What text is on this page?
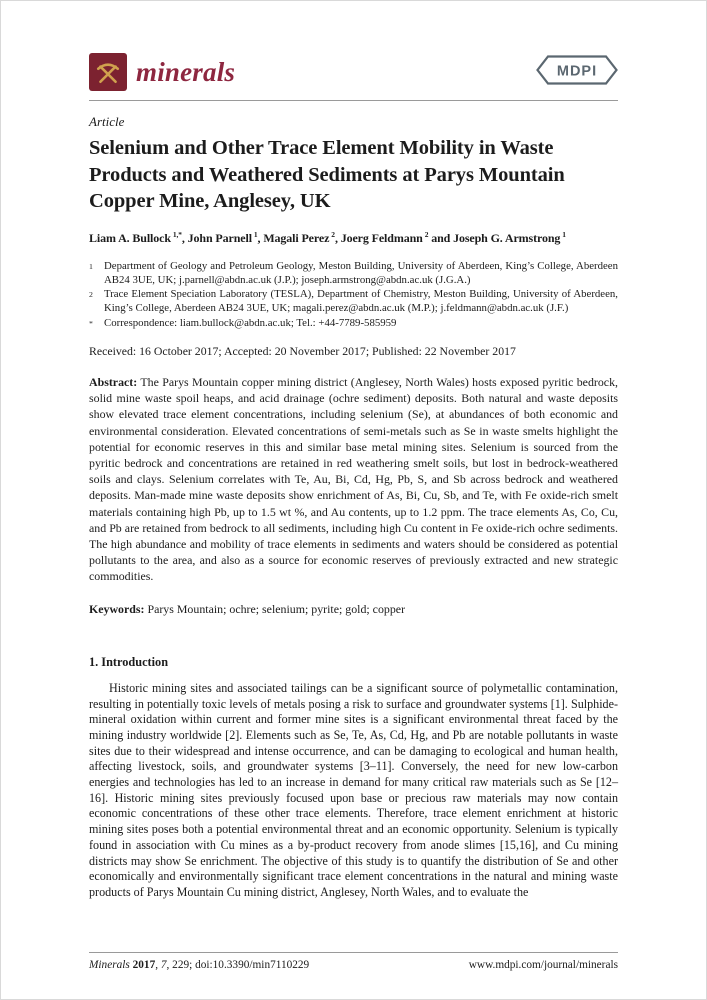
minerals	MDPI
Article
Selenium and Other Trace Element Mobility in Waste Products and Weathered Sediments at Parys Mountain Copper Mine, Anglesey, UK
Liam A. Bullock $^{1,*}$, John Parnell $^1$, Magali Perez $^2$, Joerg Feldmann $^2$ and Joseph G. Armstrong $^1$
1	Department of Geology and Petroleum Geology, Meston Building, University of Aberdeen, King’s College, Aberdeen AB24 3UE, UK; j.parnell@abdn.ac.uk (J.P.); joseph.armstrong@abdn.ac.uk (J.G.A.)
2	Trace Element Speciation Laboratory (TESLA), Department of Chemistry, Meston Building, University of Aberdeen, King’s College, Aberdeen AB24 3UE, UK; magali.perez@abdn.ac.uk (M.P.); j.feldmann@abdn.ac.uk (J.F.)
*	Correspondence: liam.bullock@abdn.ac.uk; Tel.: +44-7789-585959
Received: 16 October 2017; Accepted: 20 November 2017; Published: 22 November 2017

Abstract: The Parys Mountain copper mining district (Anglesey, North Wales) hosts exposed pyritic bedrock, solid mine waste spoil heaps, and acid drainage (ochre sediment) deposits. Both natural and waste deposits show elevated trace element concentrations, including selenium (Se), at abundances of both economic and environmental consideration. Elevated concentrations of semi-metals such as Se in waste smelts highlight the potential for economic reserves in this and similar base metal mining sites. Selenium is sourced from the pyritic bedrock and concentrations are retained in red weathering smelt soils, but lost in bedrock-weathered soils and clays. Selenium correlates with Te, Au, Bi, Cd, Hg, Pb, S, and Sb across bedrock and weathered deposits. Man-made mine waste deposits show enrichment of As, Bi, Cu, Sb, and Te, with Fe oxide-rich smelt materials containing high Pb, up to 1.5 wt %, and Au contents, up to 1.2 ppm. The trace elements As, Co, Cu, and Pb are retained from bedrock to all sediments, including high Cu content in Fe oxide-rich ochre sediments. The high abundance and mobility of trace elements in sediments and waters should be considered as potential pollutants to the area, and also as a source for economic reserves of previously extracted and new strategic commodities.

Keywords: Parys Mountain; ochre; selenium; pyrite; gold; copper

1. Introduction

Historic mining sites and associated tailings can be a significant source of polymetallic contamination, resulting in potentially toxic levels of metals posing a risk to surface and groundwater systems [1]. Sulphide-mineral oxidation within current and former mine sites is a significant environmental threat faced by the mining industry worldwide [2]. Elements such as Se, Te, As, Cd, Hg, and Pb are notable pollutants in waste sites due to their widespread and intense occurrence, and can be damaging to ecological and human health, affecting livestock, soils, and groundwater systems [3–11]. Conversely, the need for new low-carbon energies and technologies has led to an increase in demand for many critical raw materials such as Se [12–16]. Historic mining sites previously focused upon base or precious raw materials may now contain economic concentrations of these other trace elements. Therefore, trace element enrichment at historic mining sites poses both a potential environmental threat and an economic opportunity. Selenium is typically found in association with Cu mines as a by-product recovery from anode slimes [15,16], and Cu mining districts may show Se enrichment. The objective of this study is to quantify the distribution of Se and other economically and environmentally significant trace element concentrations in the natural and mining waste products of Parys Mountain Cu mining district, Anglesey, North Wales, and to evaluate the

Minerals 2017, 7, 229; doi:10.3390/min7110229	www.mdpi.com/journal/minerals
